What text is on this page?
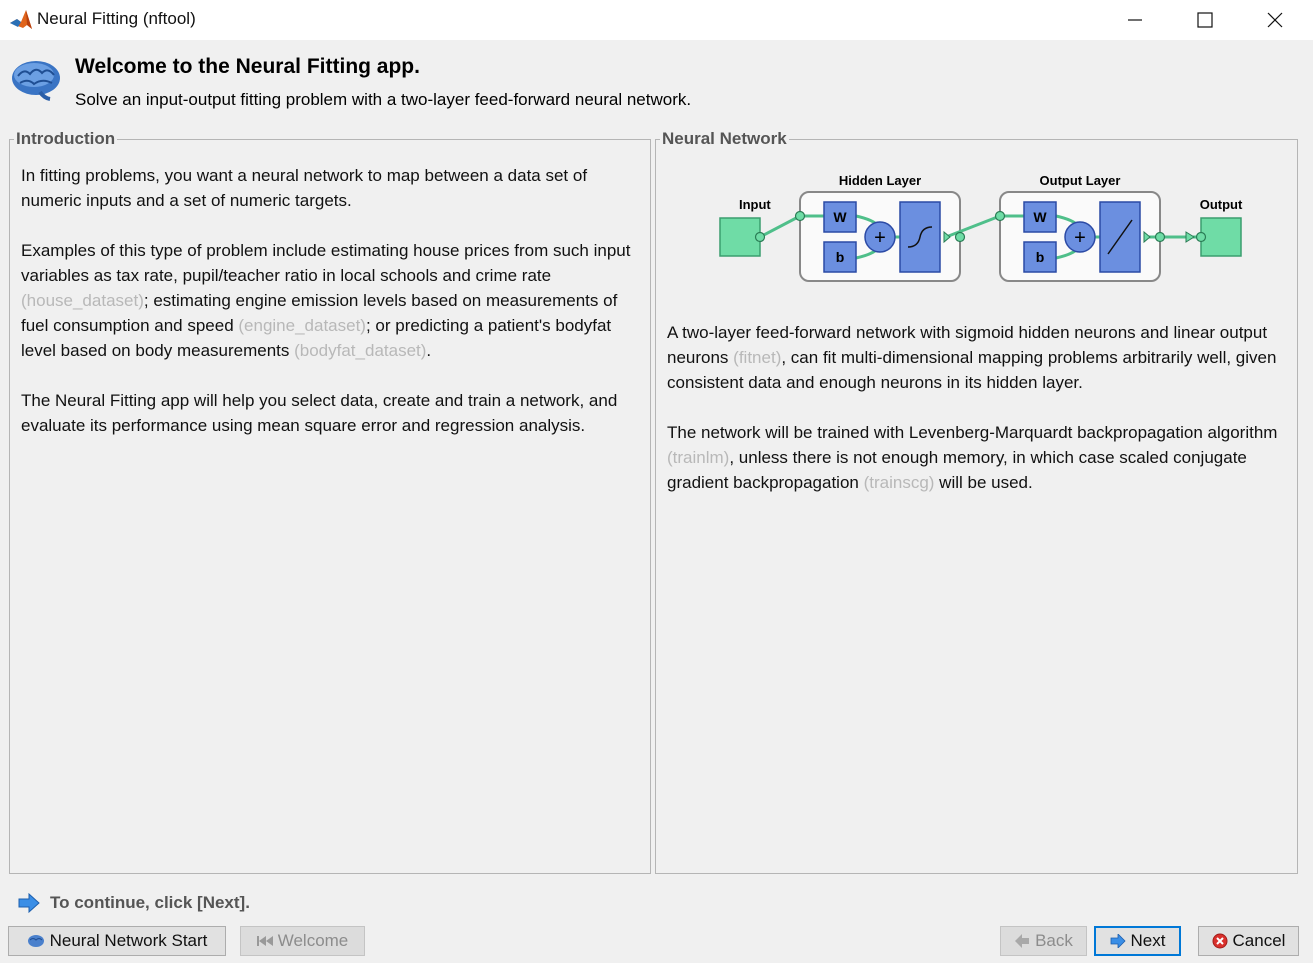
Neural Fitting (nftool)
Welcome to the Neural Fitting app.
Solve an input-output fitting problem with a two-layer feed-forward neural network.
Introduction

In fitting problems, you want a neural network to map between a data set of numeric inputs and a set of numeric targets.

Examples of this type of problem include estimating house prices from such input variables as tax rate, pupil/teacher ratio in local schools and crime rate (house_dataset); estimating engine emission levels based on measurements of fuel consumption and speed (engine_dataset); or predicting a patient's bodyfat level based on body measurements (bodyfat_dataset).

The Neural Fitting app will help you select data, create and train a network, and evaluate its performance using mean square error and regression analysis.

Neural Network
Input
Hidden Layer	Output Layer
Output
W
b
+
W
b
+

A two-layer feed-forward network with sigmoid hidden neurons and linear output neurons (fitnet), can fit multi-dimensional mapping problems arbitrarily well, given consistent data and enough neurons in its hidden layer.

The network will be trained with Levenberg-Marquardt backpropagation algorithm (trainlm), unless there is not enough memory, in which case scaled conjugate gradient backpropagation (trainscg) will be used.

To continue, click [Next].
Neural Network Start	Welcome	Back	Next	Cancel
